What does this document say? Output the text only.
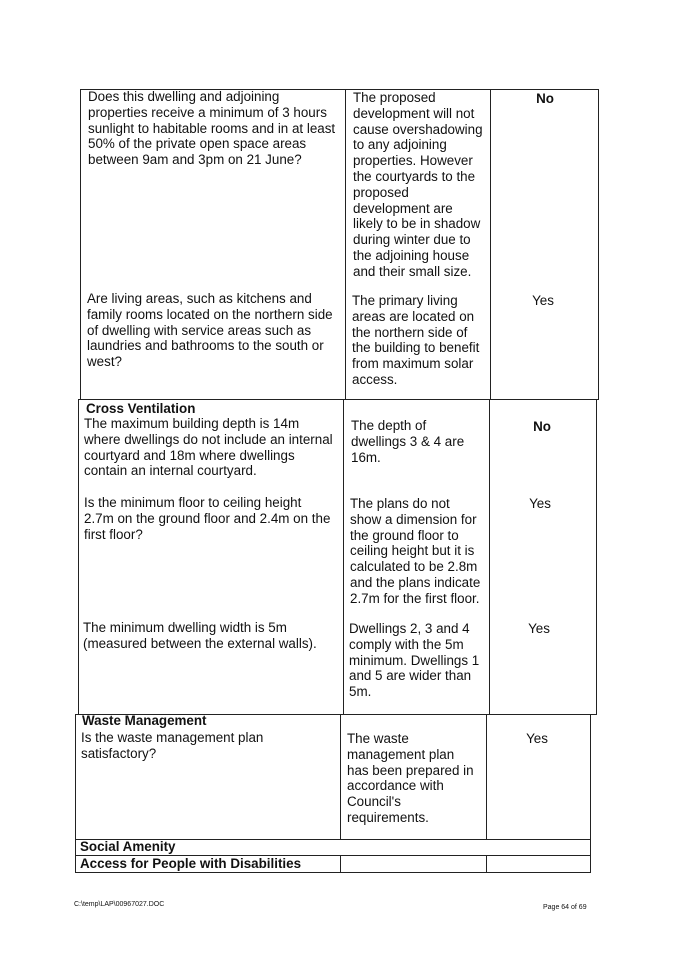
Does this dwelling and adjoining
properties receive a minimum of 3 hours
sunlight to habitable rooms and in at least
50% of the private open space areas
between 9am and 3pm on 21 June?
The proposed
development will not
cause overshadowing
to any adjoining
properties. However
the courtyards to the
proposed
development are
likely to be in shadow
during winter due to
the adjoining house
and their small size.
No
Are living areas, such as kitchens and
family rooms located on the northern side
of dwelling with service areas such as
laundries and bathrooms to the south or
west?
The primary living
areas are located on
the northern side of
the building to benefit
from maximum solar
access.
Yes
Cross Ventilation
The maximum building depth is 14m
where dwellings do not include an internal
courtyard and 18m where dwellings
contain an internal courtyard.
The depth of
dwellings 3 & 4 are
16m.
No
Is the minimum floor to ceiling height
2.7m on the ground floor and 2.4m on the
first floor?
The plans do not
show a dimension for
the ground floor to
ceiling height but it is
calculated to be 2.8m
and the plans indicate
2.7m for the first floor.
Yes
The minimum dwelling width is 5m
(measured between the external walls).
Dwellings 2, 3 and 4
comply with the 5m
minimum. Dwellings 1
and 5 are wider than
5m.
Yes
Waste Management
Is the waste management plan
satisfactory?
The waste
management plan
has been prepared in
accordance with
Council's
requirements.
Yes
Social Amenity
Access for People with Disabilities
C:\temp\LAP\00967027.DOC	Page 64 of 69
